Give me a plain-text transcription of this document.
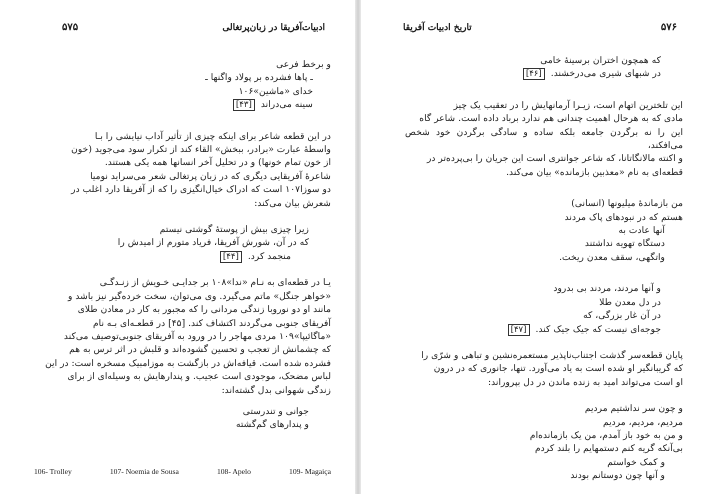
ادبیات‌آفریقا در زبان‌پرتغالی
۵۷۵
و برخط فرعی
ـ پاها فشرده بر پولاد واگنها ـ
خدای «ماشین»۱۰۶
سینه می‌دراند[۴۳]
در این قطعه شاعر برای اینکه چیزی از تأثیر آداب نیایشی را بـا
واسطهٔ عبارت «برادر، ببخش» القاء کند از تکرار سود می‌جوید (خون
از خون تمام خونها) و در تحلیل آخر انسانها همه یکی هستند.
شاعرهٔ آفریقایی دیگری که در زبان پرتغالی شعر می‌سراید نومیا
دو سوزا۱۰۷ است که ادراک خیال‌انگیزی را که از آفریقا دارد اغلب در
شعرش بیان می‌کند:
زیرا چیزی بیش از پوستهٔ گوشتی نیستم
که در آن، شورش آفریقا، فریاد متورم از امیدش را
منجمد کرد.[۴۴]
یـا در قطعه‌ای به نـام «ندا»۱۰۸ بر جدایـی خـویش از زنـدگـی
«خواهر جنگل» ماتم می‌گیرد. وی می‌توان، سخت خرده‌گیر نیز باشد و
مانند او دو نوروبا زندگی مردانی را که مجبور به کار در معادن طلای
آفریقای جنوبی می‌گردند اکتشاف کند. [۴۵] در قطعـه‌ای بـه نام
«ماگائیپا»۱۰۹ مردی مهاجر را در ورود به آفریقای جنوبی‌توصیف می‌کند
که چشمانش از تعجب و تحسین گشوده‌اند و قلبش در اثر ترس به هم
فشرده شده است. قیافه‌اش در بازگشت به موزامبیک مسخره است: در این
لباس مضحک، موجودی است عجیب. و پندارهایش به وسیله‌ای از برای
زندگی شهوانی بدل گشته‌اند:
جوانی و تندرستی
و پندارهای گم‌گشته
106- Trolley	107- Noemia de Sousa	108- Apelo	109- Magaiça
۵۷۶
تاریخ ادبیات آفریقا
که همچون اختران برسینهٔ خامی
در شبهای شیری می‌درخشند.[۴۶]
این تلخترین اتهام است، زیـرا آرمانهایش را در تعقیب یک چیز
مادی که به هرحال اهمیت چندانی هم ندارد برباد داده است. شاعر گاه
این را نه برگردن جامعه بلکه ساده و سادگی برگردن خود شخص می‌افکند،
و اکنته مالانگاتانا، که شاعر جوانتری است این جریان را بی‌پرده‌تر در
قطعه‌ای به نام «معذبین بازمانده» بیان می‌کند.
من بازماندهٔ میلیونها (انسانی)
هستم که در نبودهای پاک مردند
آنها عادت به
دستگاه تهویه نداشتند
واتگهی، سقف معدن ریخت.
و آنها مردند، مردند بی بدرود
در دل معدن طلا
در آن غار بزرگی، که
جوجه‌ای نیست که جیک جیک کند.[۴۷]
پایان قطعه‌سر گذشت اجتناب‌ناپذیر مستعمره‌نشین و تباهی و شرّی را
که گریبانگیر او شده است به یاد می‌آورد. تنها، جانوری که در درون
او است می‌تواند امید به زنده ماندن در دل بپروراند:
و چون سر نداشتیم مردیم
مردیم، مردیم، مردیم
و من به خود باز آمدم، من یک بازمانده‌ام
بی‌آنکه گریه کنم دستمهایم را بلند کردم
و کمک خواستم
و آنها چون دوستانم بودند
